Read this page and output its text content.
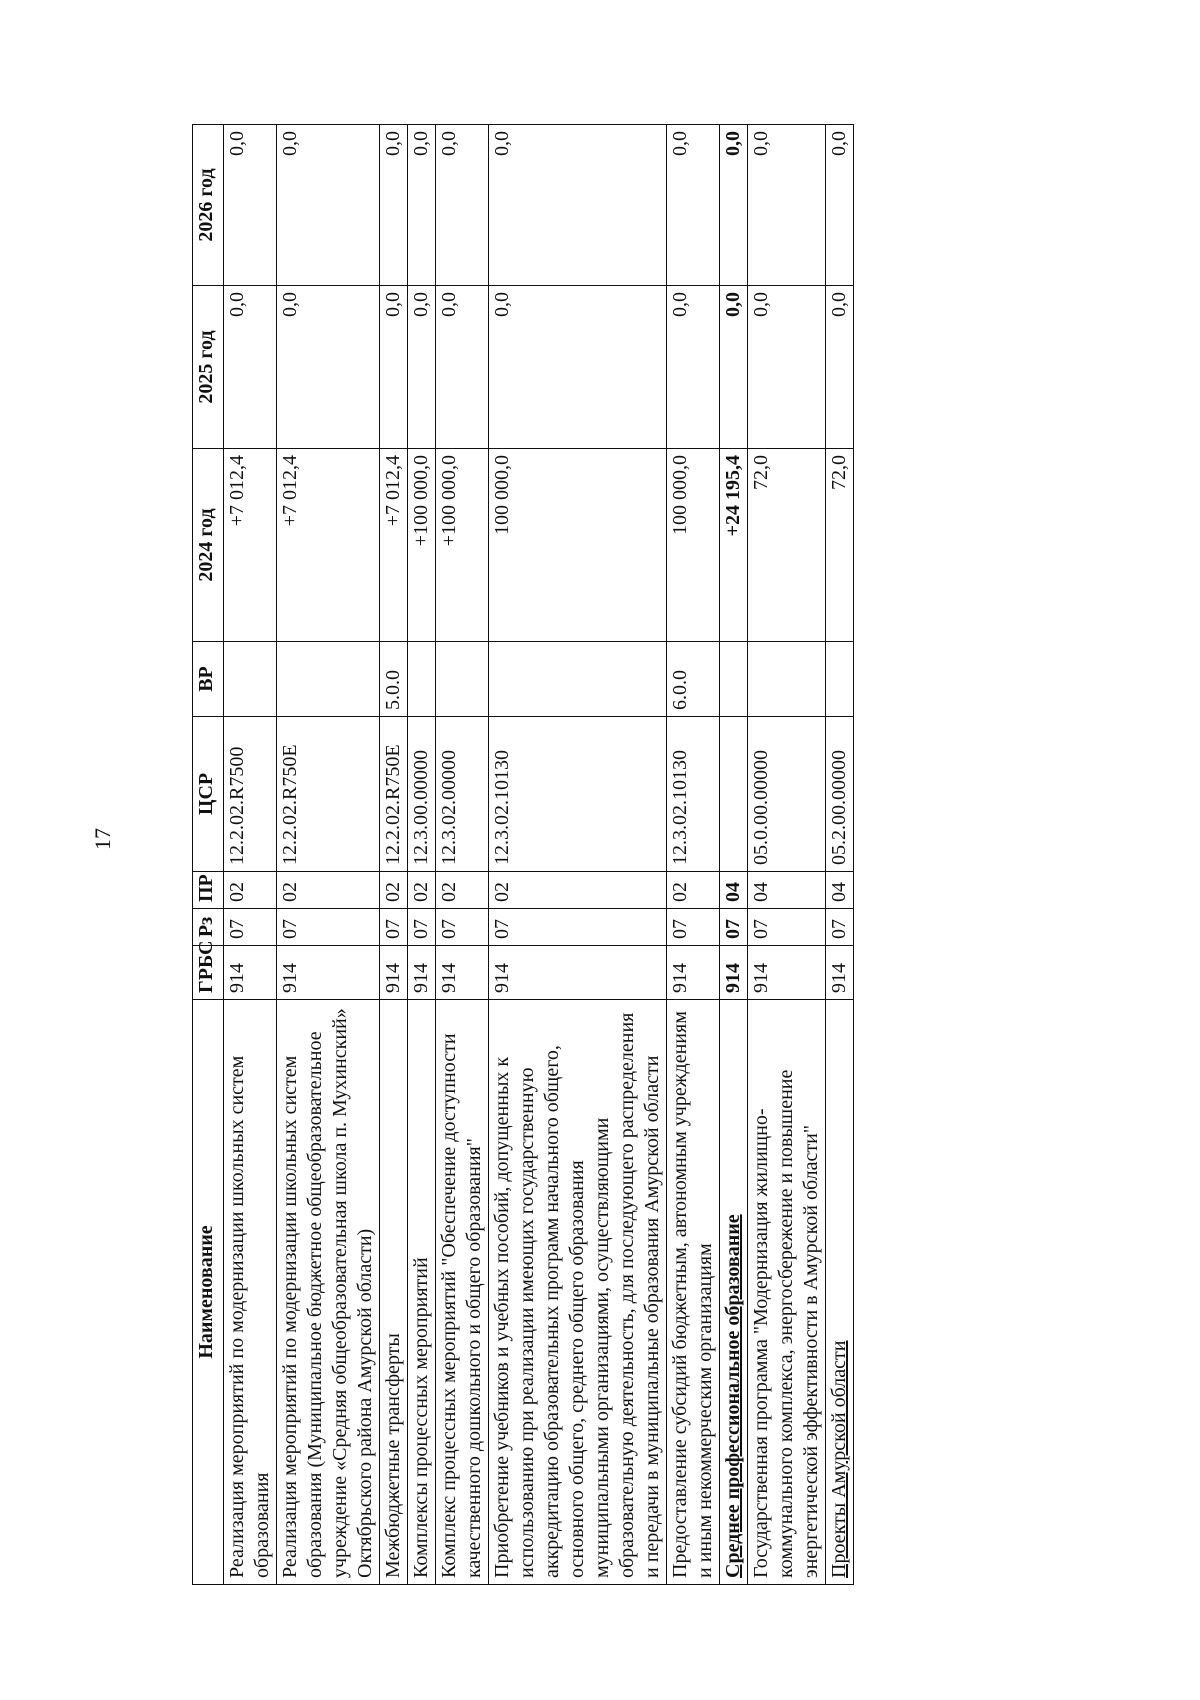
17
Наименование	ГРБС	Рз	ПР	ЦСР	ВР	2024 год	2025 год	2026 год
Реализация мероприятий по модернизации школьных систем образования	914	07	02	12.2.02.R7500		+7 012,4	0,0	0,0
Реализация мероприятий по модернизации школьных систем образования (Муниципальное бюджетное общеобразовательное учреждение «Средняя общеобразовательная школа п. Мухинский» Октябрьского района Амурской области)	914	07	02	12.2.02.R750E		+7 012,4	0,0	0,0
Межбюджетные трансферты	914	07	02	12.2.02.R750E	5.0.0	+7 012,4	0,0	0,0
Комплексы процессных мероприятий	914	07	02	12.3.00.00000		+100 000,0	0,0	0,0
Комплекс процессных мероприятий "Обеспечение доступности качественного дошкольного и общего образования"	914	07	02	12.3.02.00000		+100 000,0	0,0	0,0
Приобретение учебников и учебных пособий, допущенных к использованию при реализации имеющих государственную аккредитацию образовательных программ начального общего, основного общего, среднего общего образования муниципальными организациями, осуществляющими образовательную деятельность, для последующего распределения и передачи в муниципальные образования Амурской области	914	07	02	12.3.02.10130		100 000,0	0,0	0,0
Предоставление субсидий бюджетным, автономным учреждениям и иным некоммерческим организациям	914	07	02	12.3.02.10130	6.0.0	100 000,0	0,0	0,0
Среднее профессиональное образование	914	07	04			+24 195,4	0,0	0,0
Государственная программа "Модернизация жилищно-коммунального комплекса, энергосбережение и повышение энергетической эффективности в Амурской области"	914	07	04	05.0.00.00000		72,0	0,0	0,0
Проекты Амурской области	914	07	04	05.2.00.00000		72,0	0,0	0,0
